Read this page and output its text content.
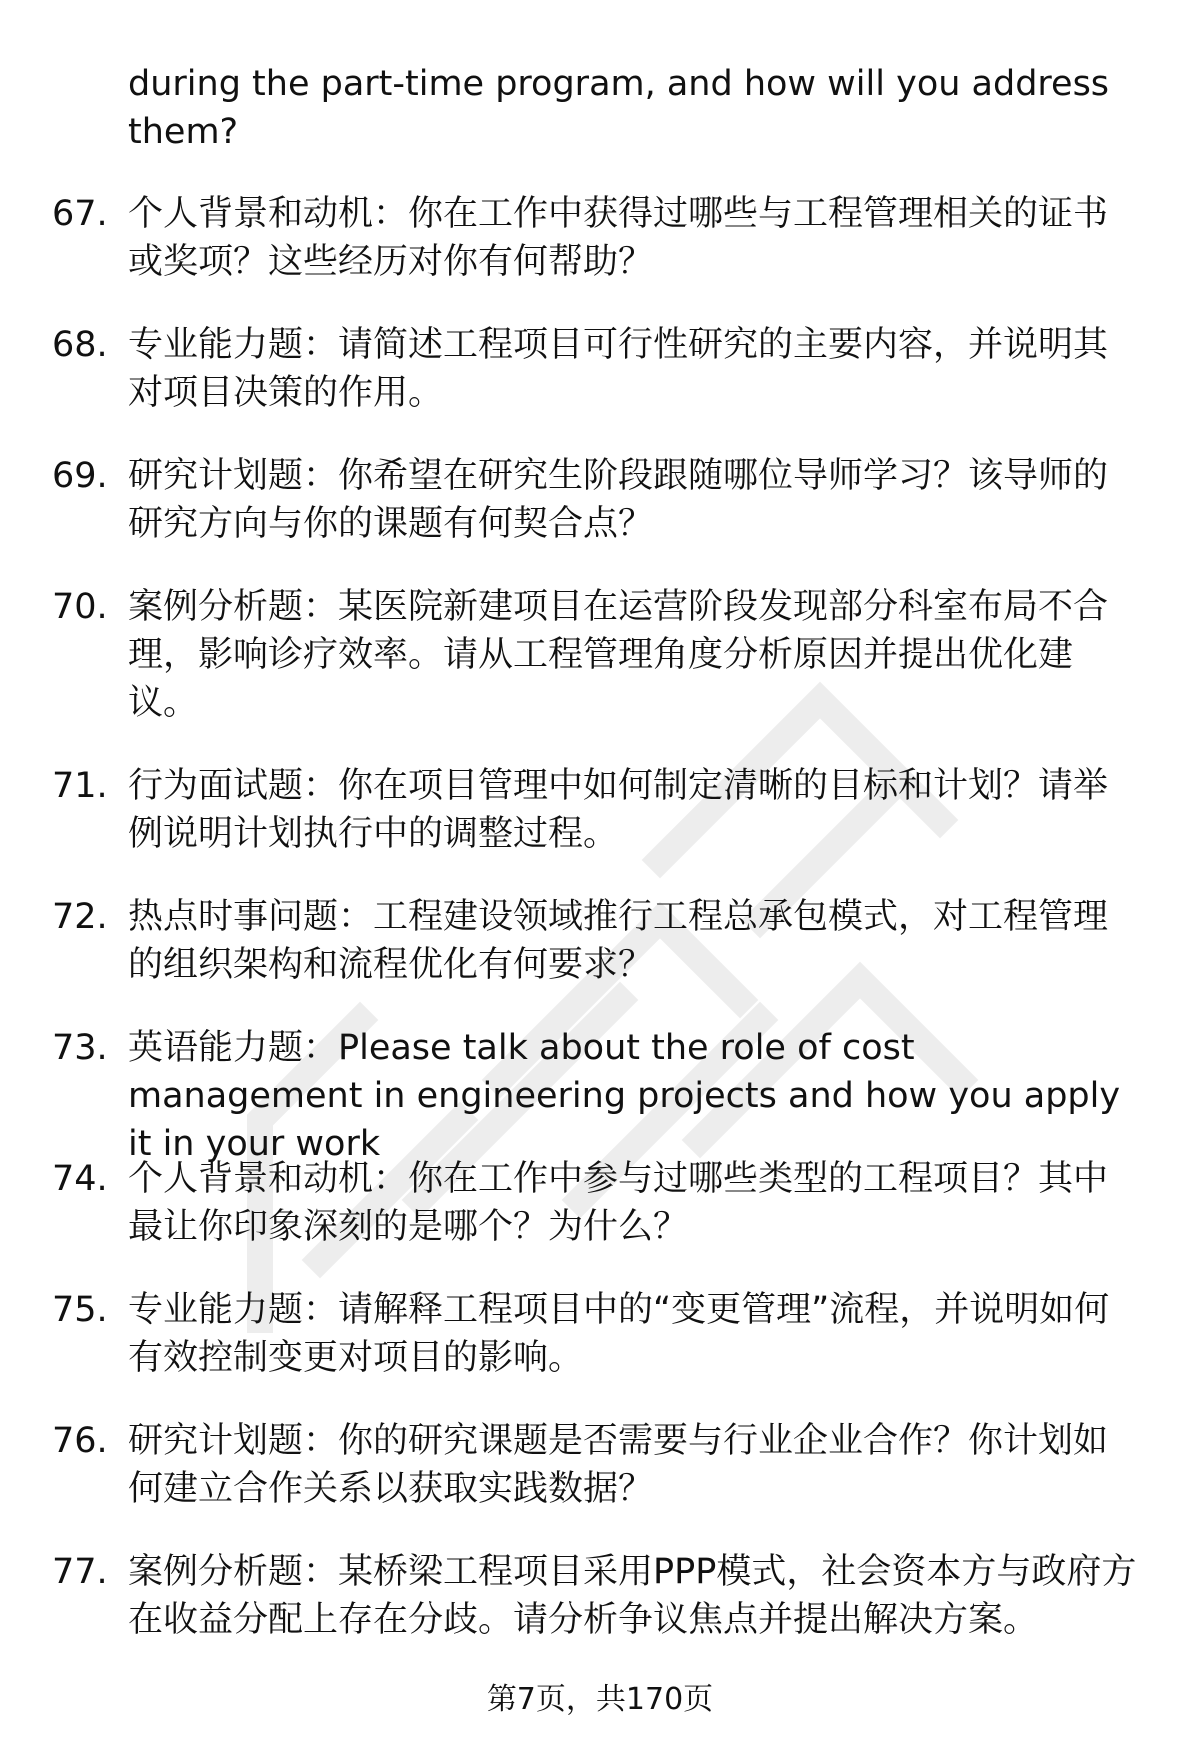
during the part-time program, and how will you address them?
67. 个人背景和动机：你在工作中获得过哪些与工程管理相关的证书或奖项？这些经历对你有何帮助？
68. 专业能力题：请简述工程项目可行性研究的主要内容，并说明其对项目决策的作用。
69. 研究计划题：你希望在研究生阶段跟随哪位导师学习？该导师的研究方向与你的课题有何契合点？
70. 案例分析题：某医院新建项目在运营阶段发现部分科室布局不合理，影响诊疗效率。请从工程管理角度分析原因并提出优化建议。
71. 行为面试题：你在项目管理中如何制定清晰的目标和计划？请举例说明计划执行中的调整过程。
72. 热点时事问题：工程建设领域推行工程总承包模式，对工程管理的组织架构和流程优化有何要求？
73. 英语能力题：Please talk about the role of cost management in engineering projects and how you apply it in your work
74. 个人背景和动机：你在工作中参与过哪些类型的工程项目？其中最让你印象深刻的是哪个？为什么？
75. 专业能力题：请解释工程项目中的“变更管理”流程，并说明如何有效控制变更对项目的影响。
76. 研究计划题：你的研究课题是否需要与行业企业合作？你计划如何建立合作关系以获取实践数据？
77. 案例分析题：某桥梁工程项目采用PPP模式，社会资本方与政府方在收益分配上存在分歧。请分析争议焦点并提出解决方案。
第7页，共170页
